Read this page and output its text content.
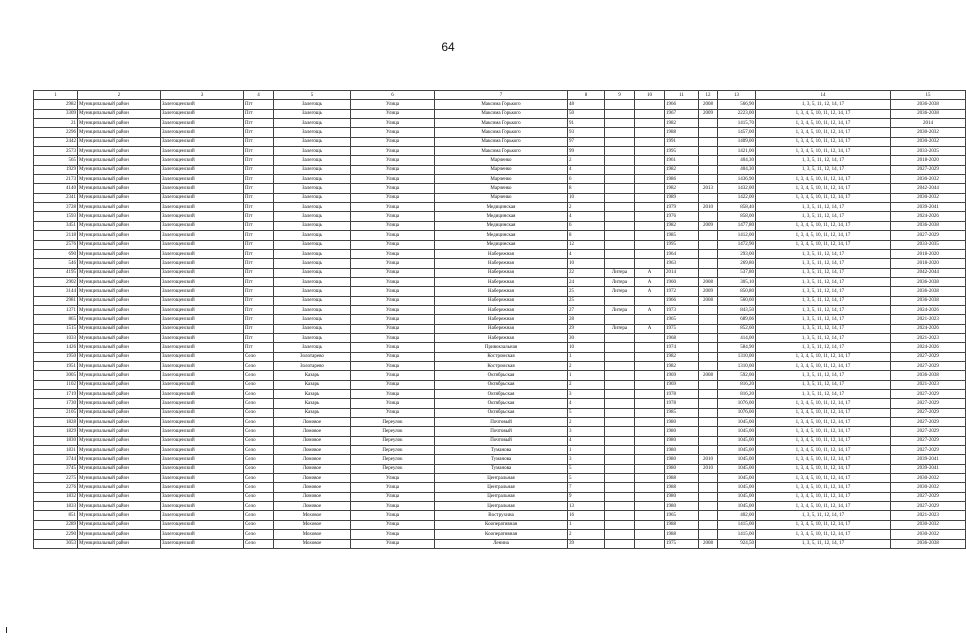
64
1	2	3	4	5	6	7	8	9	10	11	12	13	14	15
2982	Муниципальный район	Залегощенский	Пгт	Залегощь	Улица	Максима Горького	48			1966	2008	566,90	1, 3, 5, 11, 12, 14, 17	2036-2038
3309	Муниципальный район	Залегощенский	Пгт	Залегощь	Улица	Максима Горького	50			1967	2009	2223,00	1, 3, 4, 5, 10, 11, 12, 14, 17	2036-2038
21	Муниципальный район	Залегощенский	Пгт	Залегощь	Улица	Максима Горького	91			1982		1415,70	1, 3, 4, 5, 10, 11, 12, 14, 17	2014
2296	Муниципальный район	Залегощенский	Пгт	Залегощь	Улица	Максима Горького	93			1988		1457,00	1, 3, 4, 5, 10, 11, 12, 14, 17	2030-2032
2442	Муниципальный район	Залегощенский	Пгт	Залегощь	Улица	Максима Горького	97			1991		1409,00	1, 3, 4, 5, 10, 11, 12, 14, 17	2030-2032
2573	Муниципальный район	Залегощенский	Пгт	Залегощь	Улица	Максима Горького	99			1995		1421,00	1, 3, 4, 5, 10, 11, 12, 14, 17	2033-2035
565	Муниципальный район	Залегощенский	Пгт	Залегощь	Улица	Марченко	2			1961		404,30	1, 3, 5, 11, 12, 14, 17	2018-2020
1929	Муниципальный район	Залегощенский	Пгт	Залегощь	Улица	Марченко	4			1982		404,30	1, 3, 5, 11, 12, 14, 17	2027-2029
2173	Муниципальный район	Залегощенский	Пгт	Залегощь	Улица	Марченко	6			1986		1436,90	1, 3, 4, 5, 10, 11, 12, 14, 17	2030-2032
4140	Муниципальный район	Залегощенский	Пгт	Залегощь	Улица	Марченко	8			1982	2013	1432,00	1, 3, 4, 5, 10, 11, 12, 14, 17	2042-2044
2341	Муниципальный район	Залегощенский	Пгт	Залегощь	Улица	Марченко	10			1989		1422,00	1, 3, 4, 5, 10, 11, 12, 14, 17	2030-2032
3728	Муниципальный район	Залегощенский	Пгт	Залегощь	Улица	Медицинская	2			1979	2010	858,40	1, 3, 5, 11, 12, 14, 17	2039-2041
1593	Муниципальный район	Залегощенский	Пгт	Залегощь	Улица	Медицинская	4			1976		858,00	1, 3, 5, 11, 12, 14, 17	2024-2026
3451	Муниципальный район	Залегощенский	Пгт	Залегощь	Улица	Медицинская	6			1982	2009	1477,80	1, 3, 4, 5, 10, 11, 12, 14, 17	2036-2038
2118	Муниципальный район	Залегощенский	Пгт	Залегощь	Улица	Медицинская	8			1985		1412,00	1, 3, 4, 5, 10, 11, 12, 14, 17	2027-2029
2576	Муниципальный район	Залегощенский	Пгт	Залегощь	Улица	Медицинская	12			1995		1472,90	1, 3, 4, 5, 10, 11, 12, 14, 17	2033-2035
690	Муниципальный район	Залегощенский	Пгт	Залегощь	Улица	Набережная	4			1964		293,00	1, 3, 5, 11, 12, 14, 17	2018-2020
546	Муниципальный район	Залегощенский	Пгт	Залегощь	Улица	Набережная	10			1963		269,80	1, 3, 5, 11, 12, 14, 17	2018-2020
4195	Муниципальный район	Залегощенский	Пгт	Залегощь	Улица	Набережная	22	Литера	А	2014		537,80	1, 3, 5, 11, 12, 14, 17	2042-2044
2902	Муниципальный район	Залегощенский	Пгт	Залегощь	Улица	Набережная	24	Литера	А	1960	2008	305,10	1, 3, 5, 11, 12, 14, 17	2036-2038
3144	Муниципальный район	Залегощенский	Пгт	Залегощь	Улица	Набережная	25	Литера	А	1972	2009	850,80	1, 3, 5, 11, 12, 14, 17	2036-2038
2981	Муниципальный район	Залегощенский	Пгт	Залегощь	Улица	Набережная	25			1966	2008	560,60	1, 3, 5, 11, 12, 14, 17	2036-2038
1371	Муниципальный район	Залегощенский	Пгт	Залегощь	Улица	Набережная	27	Литера	А	1973		843,50	1, 3, 5, 11, 12, 14, 17	2024-2026
865	Муниципальный район	Залегощенский	Пгт	Залегощь	Улица	Набережная	28			1965		689,06	1, 3, 5, 11, 12, 14, 17	2021-2023
1515	Муниципальный район	Залегощенский	Пгт	Залегощь	Улица	Набережная	29	Литера	А	1975		852,60	1, 3, 5, 11, 12, 14, 17	2024-2026
1033	Муниципальный район	Залегощенский	Пгт	Залегощь	Улица	Набережная	30			1968		414,00	1, 3, 5, 11, 12, 14, 17	2021-2023
1426	Муниципальный район	Залегощенский	Пгт	Залегощь	Улица	Привокзальная	10			1974		584,90	1, 3, 5, 11, 12, 14, 17	2024-2026
1950	Муниципальный район	Залегощенский	Село	Золотарево	Улица	Костромская	1			1982		1310,00	1, 3, 4, 5, 10, 11, 12, 14, 17	2027-2029
1951	Муниципальный район	Залегощенский	Село	Золотарево	Улица	Костромская	2			1982		1310,00	1, 3, 4, 5, 10, 11, 12, 14, 17	2027-2029
3005	Муниципальный район	Залегощенский	Село	Казарь	Улица	Октябрьская	1			1969	2008	592,00	1, 3, 5, 11, 12, 14, 17	2036-2038
1102	Муниципальный район	Залегощенский	Село	Казарь	Улица	Октябрьская	2			1969		816,20	1, 3, 5, 11, 12, 14, 17	2021-2023
1719	Муниципальный район	Залегощенский	Село	Казарь	Улица	Октябрьская	3			1978		816,20	1, 3, 5, 11, 12, 14, 17	2027-2029
1730	Муниципальный район	Залегощенский	Село	Казарь	Улица	Октябрьская	4			1978		1076,00	1, 3, 4, 5, 10, 11, 12, 14, 17	2027-2029
2105	Муниципальный район	Залегощенский	Село	Казарь	Улица	Октябрьская	5			1985		1076,00	1, 3, 4, 5, 10, 11, 12, 14, 17	2027-2029
1828	Муниципальный район	Залегощенский	Село	Ломовое	Переулок	Почтовый	2			1980		1045,00	1, 3, 4, 5, 10, 11, 12, 14, 17	2027-2029
1829	Муниципальный район	Залегощенский	Село	Ломовое	Переулок	Почтовый	3			1980		1045,00	1, 3, 4, 5, 10, 11, 12, 14, 17	2027-2029
1830	Муниципальный район	Залегощенский	Село	Ломовое	Переулок	Почтовый	4			1980		1045,00	1, 3, 4, 5, 10, 11, 12, 14, 17	2027-2029
1831	Муниципальный район	Залегощенский	Село	Ломовое	Переулок	Туманова	1			1980		1045,00	1, 3, 4, 5, 10, 11, 12, 14, 17	2027-2029
3744	Муниципальный район	Залегощенский	Село	Ломовое	Переулок	Туманова	3			1980	2010	1045,00	1, 3, 4, 5, 10, 11, 12, 14, 17	2039-2041
3745	Муниципальный район	Залегощенский	Село	Ломовое	Переулок	Туманова	5			1980	2010	1045,00	1, 3, 4, 5, 10, 11, 12, 14, 17	2039-2041
2275	Муниципальный район	Залегощенский	Село	Ломовое	Улица	Центральная	5			1988		1045,00	1, 3, 4, 5, 10, 11, 12, 14, 17	2030-2032
2276	Муниципальный район	Залегощенский	Село	Ломовое	Улица	Центральная	7			1988		1045,00	1, 3, 4, 5, 10, 11, 12, 14, 17	2030-2032
1832	Муниципальный район	Залегощенский	Село	Ломовое	Улица	Центральная	9			1980		1045,00	1, 3, 4, 5, 10, 11, 12, 14, 17	2027-2029
1833	Муниципальный район	Залегощенский	Село	Ломовое	Улица	Центральная	13			1980		1045,00	1, 3, 4, 5, 10, 11, 12, 14, 17	2027-2029
851	Муниципальный район	Залегощенский	Село	Моховое	Улица	Вострухина	16			1965		402,00	1, 3, 5, 11, 12, 14, 17	2021-2023
2289	Муниципальный район	Залегощенский	Село	Моховое	Улица	Кооперативная	1			1988		1415,00	1, 3, 4, 5, 10, 11, 12, 14, 17	2030-2032
2290	Муниципальный район	Залегощенский	Село	Моховое	Улица	Кооперативная	2			1988		1415,00	1, 3, 4, 5, 10, 11, 12, 14, 17	2030-2032
3053	Муниципальный район	Залегощенский	Село	Моховое	Улица	Ленина	39			1975	2008	924,50	1, 3, 5, 11, 12, 14, 17	2036-2038
